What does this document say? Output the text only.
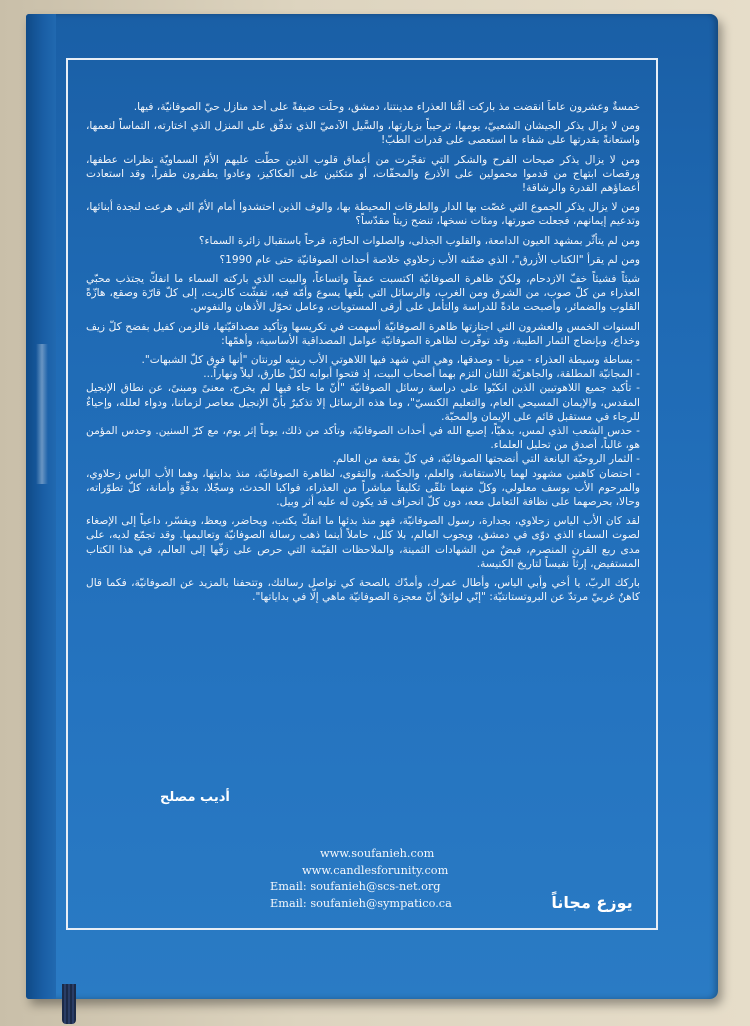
خمسةٌ وعشرون عاماً انقضت مذ باركت أمُّنا العذراء مدينتنا، دمشق، وحلَّت ضيفةً على أحد منازل حيّ الصوفانيّة، فيها.

ومن لا يزال يذكر الجيشان الشعبيّ، يومها، ترحيباً بزيارتها، والسَّيل الآدميّ الذي تدفّق على المنزل الذي اختارته، التماساً لنعمها، واستعانةً بقدرتها على شفاء ما استعصى على قدرات الطبّ!

ومن لا يزال يذكر صيحات الفرح والشكر التي تفجّرت من أعماق قلوب الذين حطّت عليهم الأمّ السماويّة نظرات عطفها، ورقصات ابتهاج من قدموا محمولين على الأذرع والمحفّات، أو متكئين على العكاكيز، وعادوا يطفرون طفراً، وقد استعادت أعضاؤهم القدرة والرشاقة!

ومن لا يزال يذكر الجموع التي غصّت بها الدار والطرقات المحيطة بها، والوف الذين احتشدوا أمام الأمّ التي هرعت لنجدة أبنائها، وتدعيم إيمانهم، فجعلت صورتها، ومئات نسخها، تنضح زيتاً مقدّساً؟

ومن لم يتأثّر بمشهد العيون الدامعة، والقلوب الجذلى، والصلوات الحارّة، فرحاً باستقبال زائرة السماء؟

ومن لم يقرأ "الكتاب الأزرق"، الذي ضمّنه الأب زحلاوي خلاصة أحداث الصوفانيّة حتى عام 1990؟

شيئاً فشيئاً خفّ الازدحام، ولكنّ ظاهرة الصوفانيّة اكتسبت عمقاً واتساعاً، والبيت الذي باركته السماء ما انفكّ يجتذب محبّي العذراء من كلّ صوب، من الشرق ومن الغرب، والرسائل التي بلّغها يسوع وأمّه فيه، تفشّت كالزيت، إلى كلّ قارّة وصقع، هازّةً القلوب والضمائر، وأصبحت مادةً للدراسة والتأمل على أرقى المستويات، وعامل تحوّل الأذهان والنفوس.

السنوات الخمس والعشرون التي اجتازتها ظاهرة الصوفانيّة أسهمت في تكريسها وتأكيد مصداقيّتها، فالزمن كفيل بفضح كلّ زيف وخداع، وبإنضاج الثمار الطيبة، وقد توفّرت لظاهرة الصوفانيّة عوامل المصداقية الأساسية، وأهمّها:

- بساطة وسيطة العذراء - ميرنا - وصدقها، وهي التي شهد فيها اللاهوتي الأب رينيه لورنتان "أنها فوق كلّ الشبهات".
- المجانيّة المطلقة، والجاهزيّة اللتان التزم بهما أصحاب البيت، إذ فتحوا أبوابه لكلّ طارق، ليلاً ونهاراً...
- تأكيد جميع اللاهوتيين الذين انكبّوا على دراسة رسائل الصوفانيّة "أنّ ما جاء فيها لم يخرج، معنىً ومبنىً، عن نطاق الإنجيل المقدس، والإيمان المسيحي العام، والتعليم الكنسيّ"، وما هذه الرسائل إلا تذكيرٌ بأنّ الإنجيل معاصر لزماننا، ودواء لعلله، وإحياءٌ للرجاء في مستقبل قائم على الإيمان والمحبّة.
- حدس الشعب الذي لمس، بدهيّاً، إصبع الله في أحداث الصوفانيّة، وتأكد من ذلك، يوماً إثر يوم، مع كرّ السنين. وحدس المؤمن هو، غالباً، أصدق من تحليل العلماء.
- الثمار الروحيّة اليانعة التي أنضجتها الصوفانيّة، في كلّ بقعة من العالم.
- احتضان كاهنين مشهود لهما بالاستقامة، والعلم، والحكمة، والتقوى، لظاهرة الصوفانيّة، منذ بدايتها، وهما الأب الياس زحلاوي، والمرحوم الأب يوسف معلولي، وكلّ منهما تلقّى تكليفاً مباشراً من العذراء، فواكبا الحدث، وسجّلا، بدقّةٍ وأمانة، كلّ تطوّراته، وحالا، بحرصهما على نظافة التعامل معه، دون كلّ انحراف قد يكون له عليه أثر وبيل.

لقد كان الأب الياس زحلاوي، بجدارة، رسول الصوفانيّة، فهو منذ بدئها ما انفكّ يكتب، ويحاضر، ويعظ، ويفسّر، داعياً إلى الإصغاء لصوت السماء الذي دوّى في دمشق، ويجوب العالم، بلا كلل، حاملاً أينما ذهب رسالة الصوفانيّة وتعاليمها. وقد تجمّع لديه، على مدى ربع القرن المنصرم، فيضٌ من الشهادات الثمينة، والملاحظات القيّمة التي حرص على زفّها إلى العالم، في هذا الكتاب المستفيض، إرثاً نفيساً لتاريخ الكنيسة.

باركك الربّ، يا أخي وأبي الياس، وأطال عمرك، وأمدّك بالصحة كي تواصل رسالتك، وتتحفنا بالمزيد عن الصوفانيّة، فكما قال كاهنٌ غربيّ مرتدّ عن البروتستانتيّة: "إنّي لواثقٌ أنّ معجزة الصوفانيّة ماهي إلّا في بداياتها".

أديب مصلح
www.soufanieh.com
www.candlesforunity.com
Email: soufanieh@scs-net.org
Email: soufanieh@sympatico.ca	يوزع مجاناً
